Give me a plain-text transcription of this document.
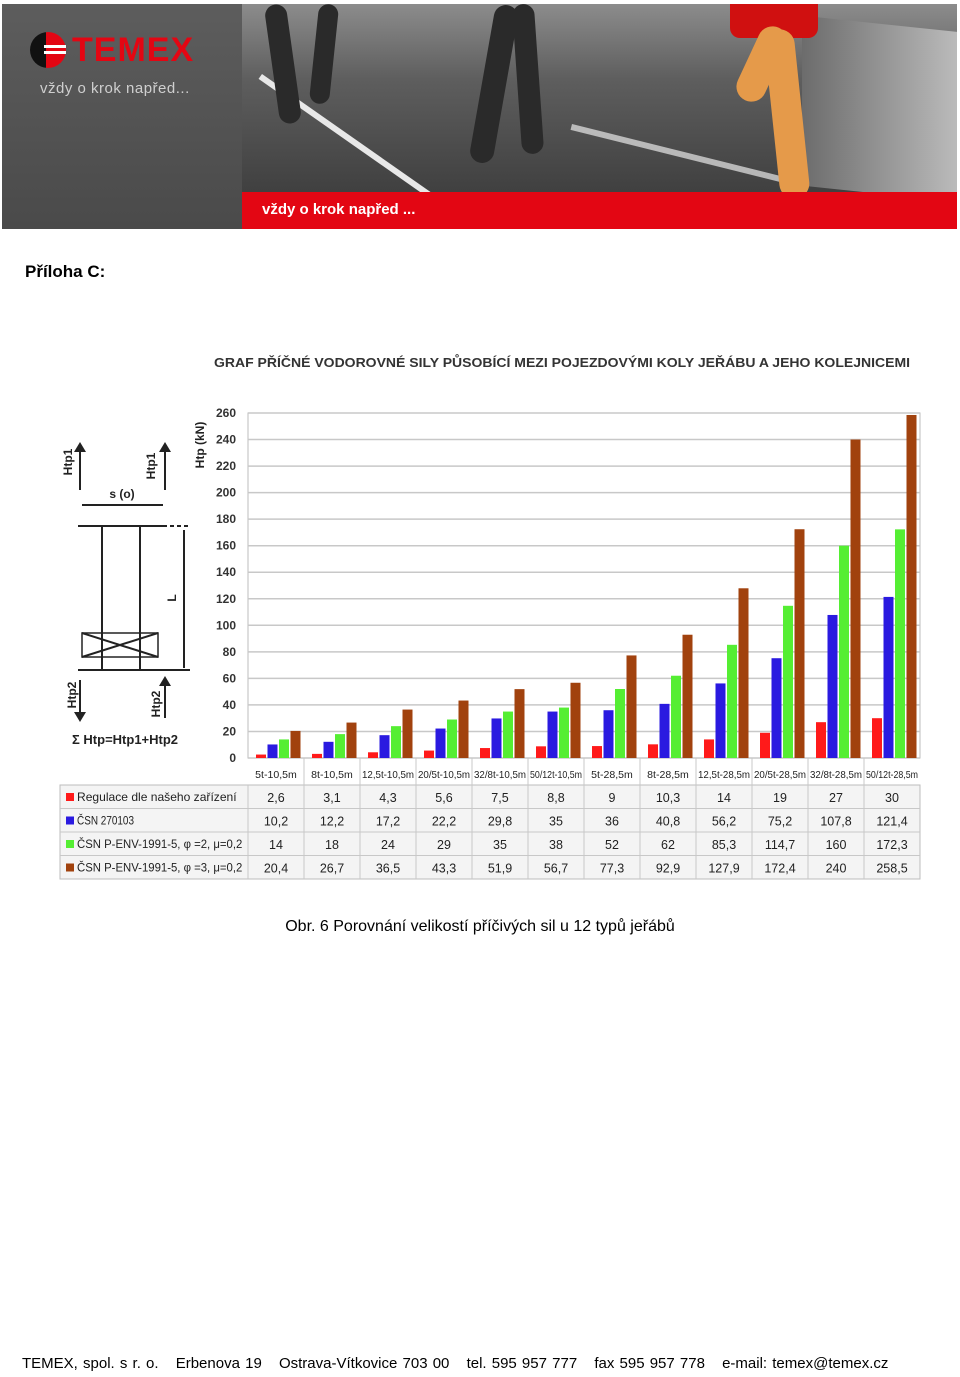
TEMEX
vždy o krok napřed...
vždy o krok napřed ...
Příloha C:
Htp1	Htp1
s (o)
L
Htp2	Htp2
Σ Htp=Htp1+Htp2
0
20
40
60
80
100
120
140
160
180
200
220
240
260
Htp (kN)
5t-10,5m 8t-10,5m 12,5t-10,5m 20/5t-10,5m 32/8t-10,5m 50/12t-10,5m 5t-28,5m 8t-28,5m 12,5t-28,5m 20/5t-28,5m 32/8t-28,5m 50/12t-28,5m
Regulace dle našeho zařízení 2,6	3,1	4,3	5,6	7,5	8,8	9	10,3	14	19	27	30
ČSN 270103	10,2	12,2	17,2	22,2	29,8	35	36	40,8	56,2	75,2 107,8 121,4
ČSN P-ENV-1991-5, φ =2, μ=0,2 14	18	24	29	35	38	52	62	85,3 114,7 160 172,3
ČSN P-ENV-1991-5, φ =3, μ=0,2 20,4	26,7	36,5	43,3	51,9	56,7	77,3	92,9 127,9 172,4 240 258,5
GRAF PŘÍČNÉ VODOROVNÉ SILY PŮSOBÍCÍ MEZI POJEZDOVÝMI KOLY JEŘÁBU A JEHO KOLEJNICEMI
Obr. 6 Porovnání velikostí příčivých sil u 12 typů jeřábů
TEMEX, spol. s r. o. Erbenova 19 Ostrava-Vítkovice 703 00 tel. 595 957 777 fax 595 957 778 e-mail: temex@temex.cz
